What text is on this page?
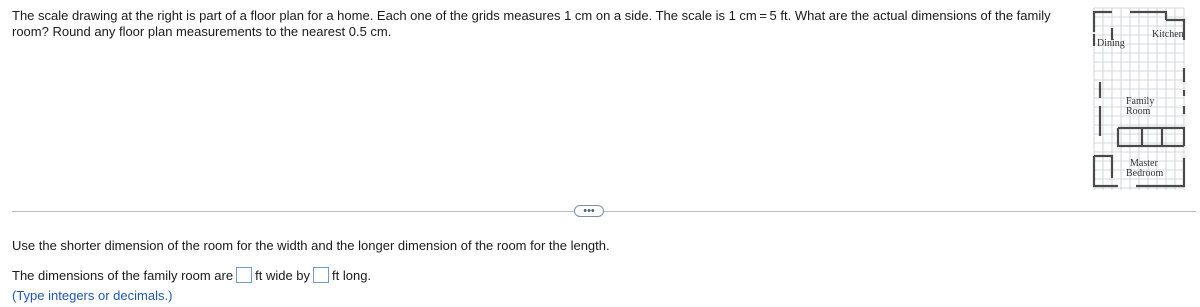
The scale drawing at the right is part of a floor plan for a home. Each one of the grids measures 1 cm on a side. The scale is 1 cm = 5 ft. What are the actual dimensions of the family room? Round any floor plan measurements to the nearest 0.5 cm.	Kitchen
Dining
Family
Room
Master
Bedroom
•••

Use the shorter dimension of the room for the width and the longer dimension of the room for the length.

The dimensions of the family room are ft wide by ft long.

(Type integers or decimals.)
